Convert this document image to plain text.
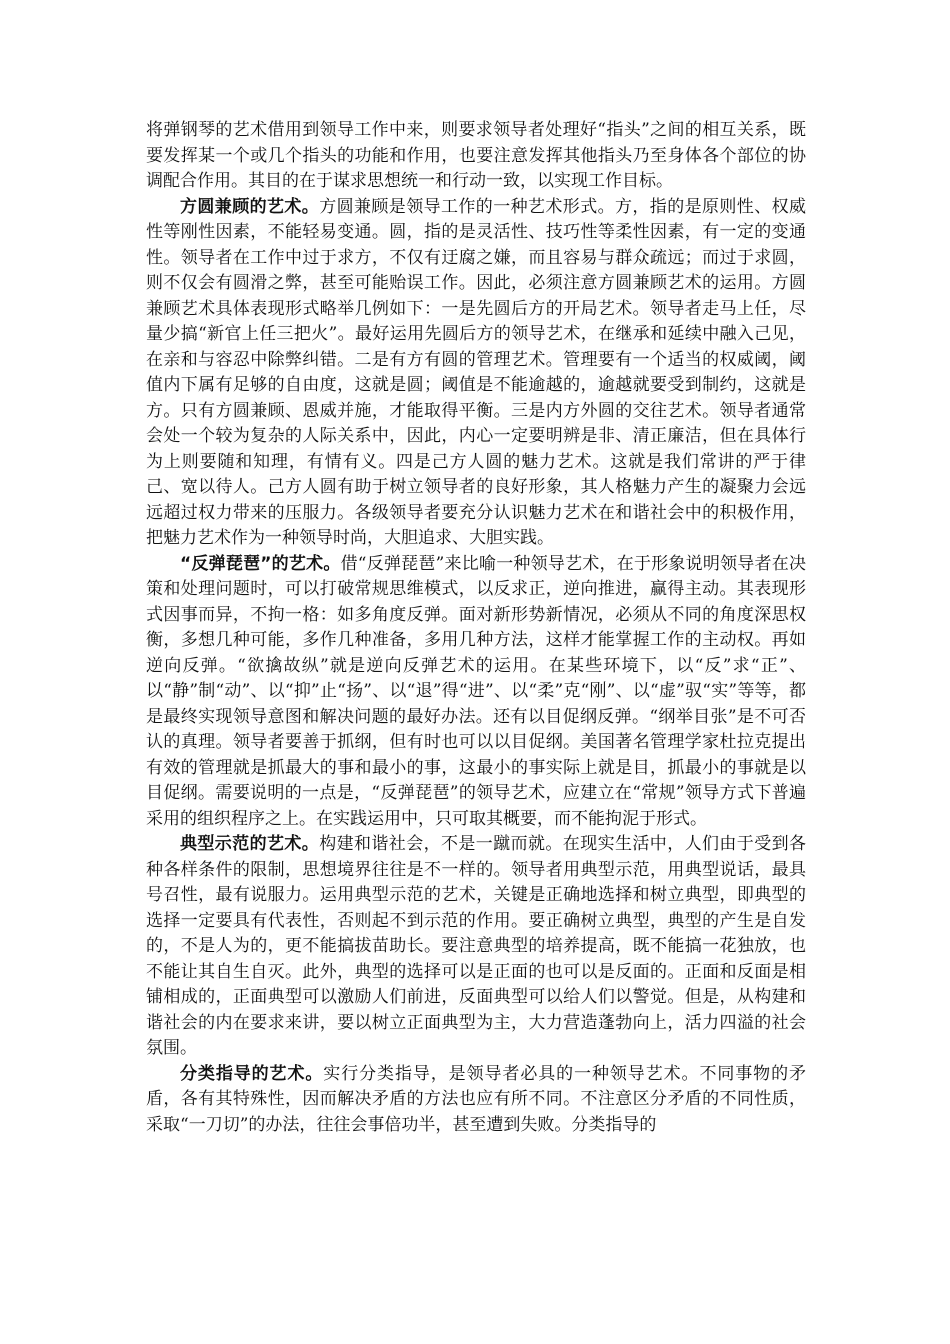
将弹钢琴的艺术借用到领导工作中来，则要求领导者处理好“指头”之间的相互关系，既要发挥某一个或几个指头的功能和作用，也要注意发挥其他指头乃至身体各个部位的协调配合作用。其目的在于谋求思想统一和行动一致，以实现工作目标。

方圆兼顾的艺术。方圆兼顾是领导工作的一种艺术形式。方，指的是原则性、权威性等刚性因素，不能轻易变通。圆，指的是灵活性、技巧性等柔性因素，有一定的变通性。领导者在工作中过于求方，不仅有迂腐之嫌，而且容易与群众疏远；而过于求圆，则不仅会有圆滑之弊，甚至可能贻误工作。因此，必须注意方圆兼顾艺术的运用。方圆兼顾艺术具体表现形式略举几例如下：一是先圆后方的开局艺术。领导者走马上任，尽量少搞“新官上任三把火”。最好运用先圆后方的领导艺术，在继承和延续中融入己见，在亲和与容忍中除弊纠错。二是有方有圆的管理艺术。管理要有一个适当的权威阈，阈值内下属有足够的自由度，这就是圆；阈值是不能逾越的，逾越就要受到制约，这就是方。只有方圆兼顾、恩威并施，才能取得平衡。三是内方外圆的交往艺术。领导者通常会处一个较为复杂的人际关系中，因此，内心一定要明辨是非、清正廉洁，但在具体行为上则要随和知理，有情有义。四是己方人圆的魅力艺术。这就是我们常讲的严于律己、宽以待人。己方人圆有助于树立领导者的良好形象，其人格魅力产生的凝聚力会远远超过权力带来的压服力。各级领导者要充分认识魅力艺术在和谐社会中的积极作用，把魅力艺术作为一种领导时尚，大胆追求、大胆实践。

“反弹琵琶”的艺术。借“反弹琵琶”来比喻一种领导艺术，在于形象说明领导者在决策和处理问题时，可以打破常规思维模式，以反求正，逆向推进，赢得主动。其表现形式因事而异，不拘一格：如多角度反弹。面对新形势新情况，必须从不同的角度深思权衡，多想几种可能，多作几种准备，多用几种方法，这样才能掌握工作的主动权。再如逆向反弹。“欲擒故纵”就是逆向反弹艺术的运用。在某些环境下，以“反”求“正”、以“静”制“动”、以“抑”止“扬”、以“退”得“进”、以“柔”克“刚”、以“虚”驭“实”等等，都是最终实现领导意图和解决问题的最好办法。还有以目促纲反弹。“纲举目张”是不可否认的真理。领导者要善于抓纲，但有时也可以以目促纲。美国著名管理学家杜拉克提出有效的管理就是抓最大的事和最小的事，这最小的事实际上就是目，抓最小的事就是以目促纲。需要说明的一点是，“反弹琵琶”的领导艺术，应建立在“常规”领导方式下普遍采用的组织程序之上。在实践运用中，只可取其概要，而不能拘泥于形式。

典型示范的艺术。构建和谐社会，不是一蹴而就。在现实生活中，人们由于受到各种各样条件的限制，思想境界往往是不一样的。领导者用典型示范，用典型说话，最具号召性，最有说服力。运用典型示范的艺术，关键是正确地选择和树立典型，即典型的选择一定要具有代表性，否则起不到示范的作用。要正确树立典型，典型的产生是自发的，不是人为的，更不能搞拔苗助长。要注意典型的培养提高，既不能搞一花独放，也不能让其自生自灭。此外，典型的选择可以是正面的也可以是反面的。正面和反面是相铺相成的，正面典型可以激励人们前进，反面典型可以给人们以警觉。但是，从构建和谐社会的内在要求来讲，要以树立正面典型为主，大力营造蓬勃向上，活力四溢的社会氛围。

分类指导的艺术。实行分类指导，是领导者必具的一种领导艺术。不同事物的矛盾，各有其特殊性，因而解决矛盾的方法也应有所不同。不注意区分矛盾的不同性质，采取“一刀切”的办法，往往会事倍功半，甚至遭到失败。分类指导的
